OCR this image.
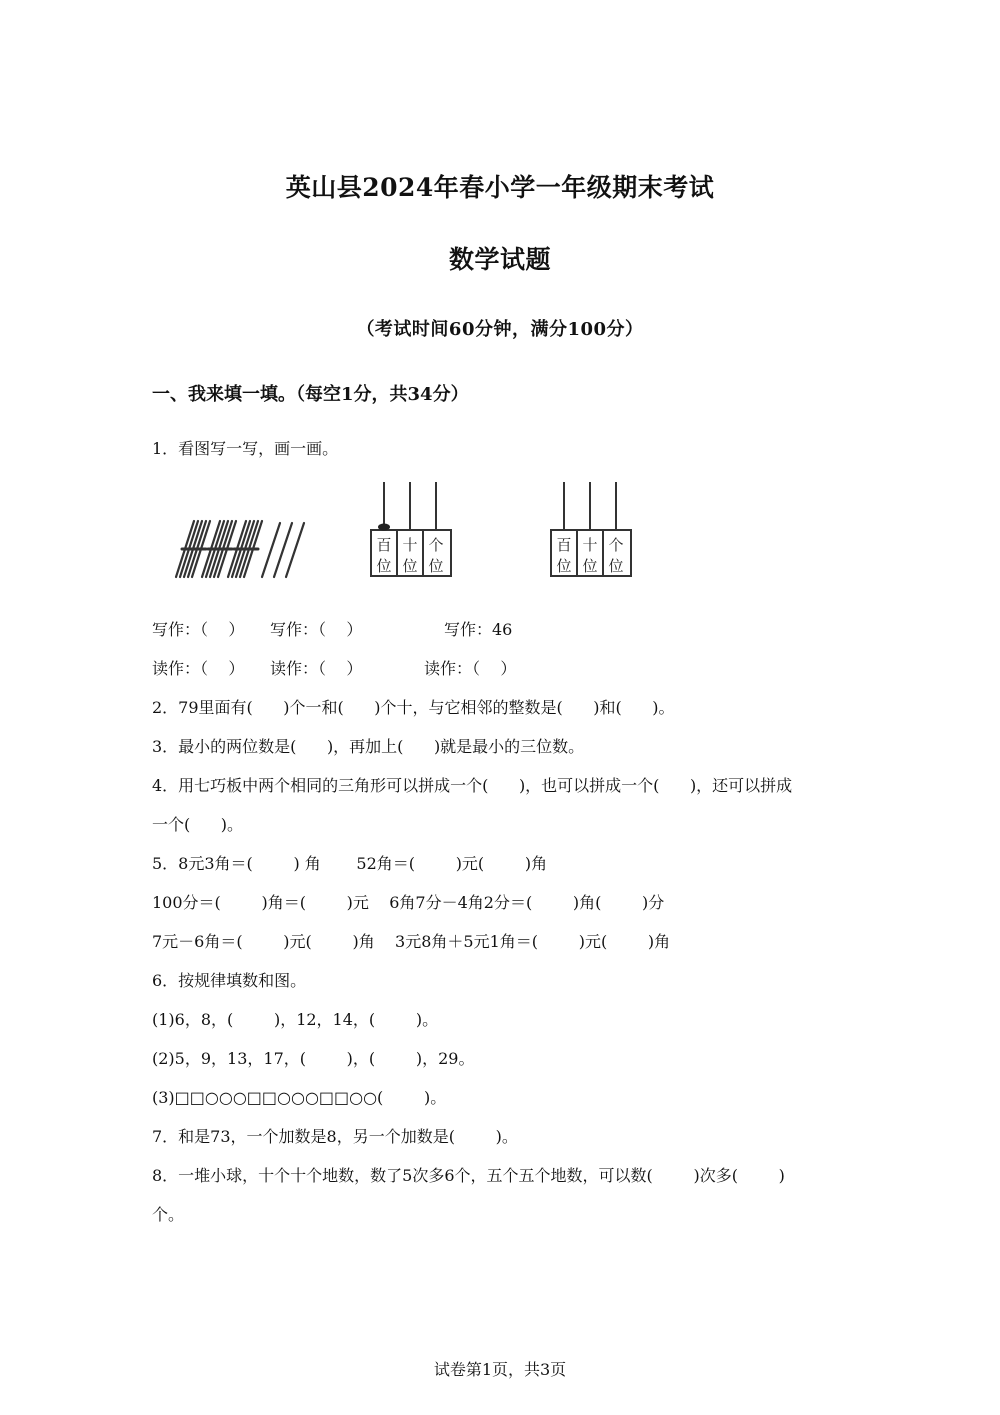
英山县2024年春小学一年级期末考试
数学试题
（考试时间60分钟，满分100分）
一、我来填一填。（每空1分，共34分）
1．看图写一写，画一画。
百
位
十
位
个
位
百
位
十
位
个
位
写作：（    ） 写作：（    ）	写作：46
读作：（    ） 读作：（    ）	读作：（    ）
2．79里面有(      )个一和(      )个十，与它相邻的整数是(      )和(      )。
3．最小的两位数是(      )，再加上(      )就是最小的三位数。
4．用七巧板中两个相同的三角形可以拼成一个(      )，也可以拼成一个(      )，还可以拼成
一个(      )。
5．8元3角＝(        ) 角       52角＝(        )元(        )角
100分＝(        )角＝(        )元    6角7分－4角2分＝(        )角(        )分
7元－6角＝(        )元(        )角    3元8角＋5元1角＝(        )元(        )角
6．按规律填数和图。
(1)6，8，(        )，12，14，(        )。
(2)5，9，13，17，(        )，(        )，29。
(3)□□○○○□□○○○□□○○(        )。
7．和是73，一个加数是8，另一个加数是(        )。
8．一堆小球，十个十个地数，数了5次多6个，五个五个地数，可以数(        )次多(        )
个。
试卷第1页，共3页
